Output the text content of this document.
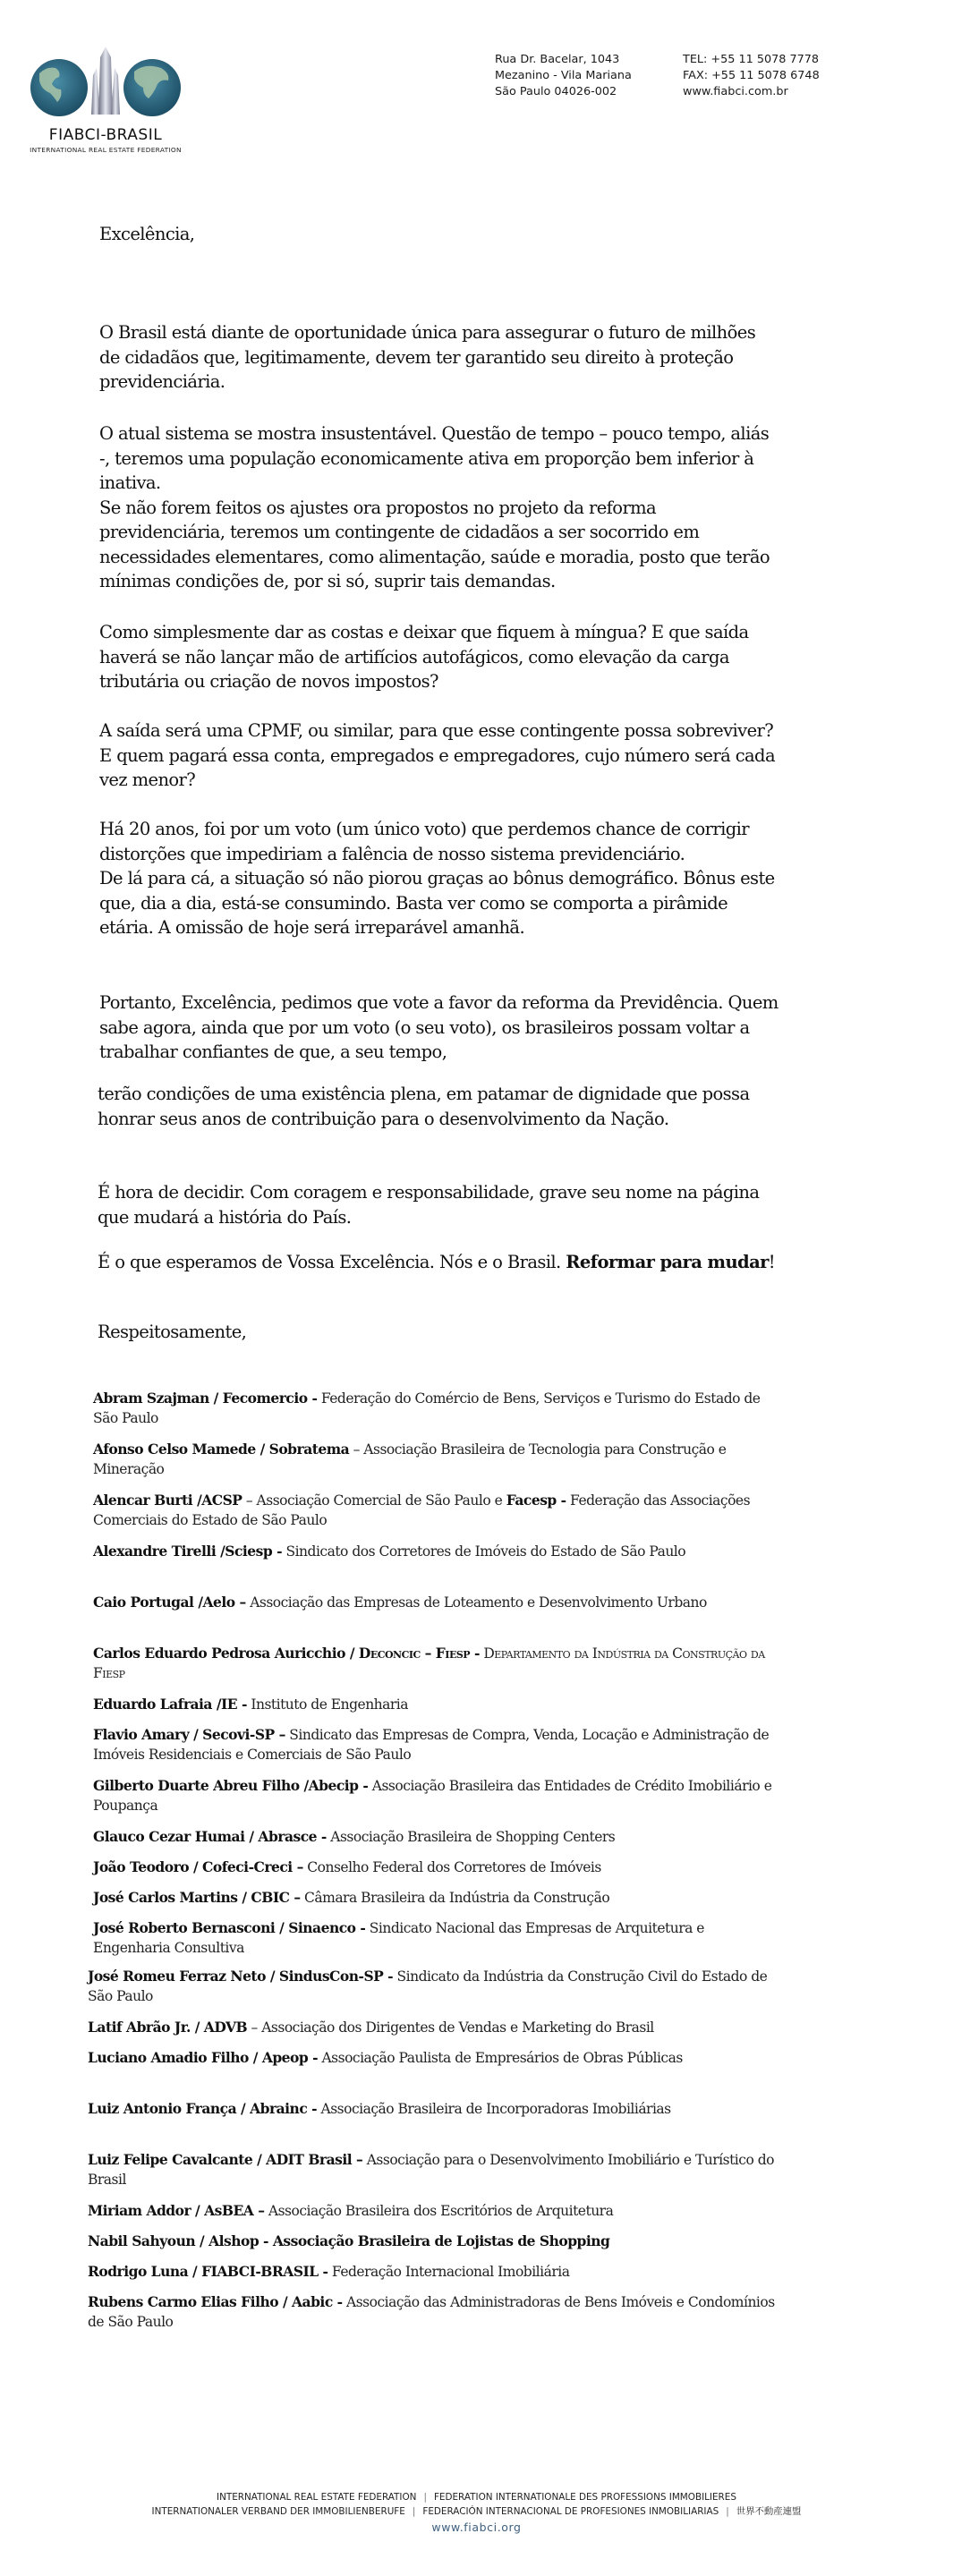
FIABCI-BRASIL
INTERNATIONAL REAL ESTATE FEDERATION
Rua Dr. Bacelar, 1043
Mezanino - Vila Mariana
São Paulo 04026-002
TEL: +55 11 5078 7778
FAX: +55 11 5078 6748
www.fiabci.com.br
Excelência,

O Brasil está diante de oportunidade única para assegurar o futuro de milhões de cidadãos que, legitimamente, devem ter garantido seu direito à proteção previdenciária.

O atual sistema se mostra insustentável. Questão de tempo – pouco tempo, aliás -, teremos uma população economicamente ativa em proporção bem inferior à inativa.

Se não forem feitos os ajustes ora propostos no projeto da reforma previdenciária, teremos um contingente de cidadãos a ser socorrido em necessidades elementares, como alimentação, saúde e moradia, posto que terão mínimas condições de, por si só, suprir tais demandas.

Como simplesmente dar as costas e deixar que fiquem à míngua? E que saída haverá se não lançar mão de artifícios autofágicos, como elevação da carga tributária ou criação de novos impostos?

A saída será uma CPMF, ou similar, para que esse contingente possa sobreviver? E quem pagará essa conta, empregados e empregadores, cujo número será cada vez menor?

Há 20 anos, foi por um voto (um único voto) que perdemos chance de corrigir distorções que impediriam a falência de nosso sistema previdenciário.

De lá para cá, a situação só não piorou graças ao bônus demográfico. Bônus este que, dia a dia, está-se consumindo. Basta ver como se comporta a pirâmide etária. A omissão de hoje será irreparável amanhã.

Portanto, Excelência, pedimos que vote a favor da reforma da Previdência. Quem sabe agora, ainda que por um voto (o seu voto), os brasileiros possam voltar a trabalhar confiantes de que, a seu tempo,

terão condições de uma existência plena, em patamar de dignidade que possa honrar seus anos de contribuição para o desenvolvimento da Nação.

É hora de decidir. Com coragem e responsabilidade, grave seu nome na página que mudará a história do País.

É o que esperamos de Vossa Excelência. Nós e o Brasil. Reformar para mudar!

Respeitosamente,

Abram Szajman / Fecomercio - Federação do Comércio de Bens, Serviços e Turismo do Estado de São Paulo
Afonso Celso Mamede / Sobratema – Associação Brasileira de Tecnologia para Construção e Mineração
Alencar Burti /ACSP – Associação Comercial de São Paulo e Facesp - Federação das Associações Comerciais do Estado de São Paulo
Alexandre Tirelli /Sciesp - Sindicato dos Corretores de Imóveis do Estado de São Paulo
Caio Portugal /Aelo – Associação das Empresas de Loteamento e Desenvolvimento Urbano
Carlos Eduardo Pedrosa Auricchio / Deconcic – Fiesp - Departamento da Indústria da Construção da Fiesp
Eduardo Lafraia /IE - Instituto de Engenharia
Flavio Amary / Secovi-SP – Sindicato das Empresas de Compra, Venda, Locação e Administração de Imóveis Residenciais e Comerciais de São Paulo
Gilberto Duarte Abreu Filho /Abecip - Associação Brasileira das Entidades de Crédito Imobiliário e Poupança
Glauco Cezar Humai / Abrasce - Associação Brasileira de Shopping Centers
João Teodoro / Cofeci-Creci – Conselho Federal dos Corretores de Imóveis
José Carlos Martins / CBIC – Câmara Brasileira da Indústria da Construção
José Roberto Bernasconi / Sinaenco - Sindicato Nacional das Empresas de Arquitetura e Engenharia Consultiva
José Romeu Ferraz Neto / SindusCon-SP - Sindicato da Indústria da Construção Civil do Estado de São Paulo
Latif Abrão Jr. / ADVB – Associação dos Dirigentes de Vendas e Marketing do Brasil
Luciano Amadio Filho / Apeop - Associação Paulista de Empresários de Obras Públicas
Luiz Antonio França / Abrainc - Associação Brasileira de Incorporadoras Imobiliárias
Luiz Felipe Cavalcante / ADIT Brasil – Associação para o Desenvolvimento Imobiliário e Turístico do Brasil
Miriam Addor / AsBEA – Associação Brasileira dos Escritórios de Arquitetura
Nabil Sahyoun / Alshop - Associação Brasileira de Lojistas de Shopping
Rodrigo Luna / FIABCI-BRASIL - Federação Internacional Imobiliária
Rubens Carmo Elias Filho / Aabic - Associação das Administradoras de Bens Imóveis e Condomínios de São Paulo
INTERNATIONAL REAL ESTATE FEDERATION | FEDERATION INTERNATIONALE DES PROFESSIONS IMMOBILIERES
INTERNATIONALER VERBAND DER IMMOBILIENBERUFE | FEDERACIÓN INTERNACIONAL DE PROFESIONES INMOBILIARIAS | 世界不動産連盟
www.fiabci.org
